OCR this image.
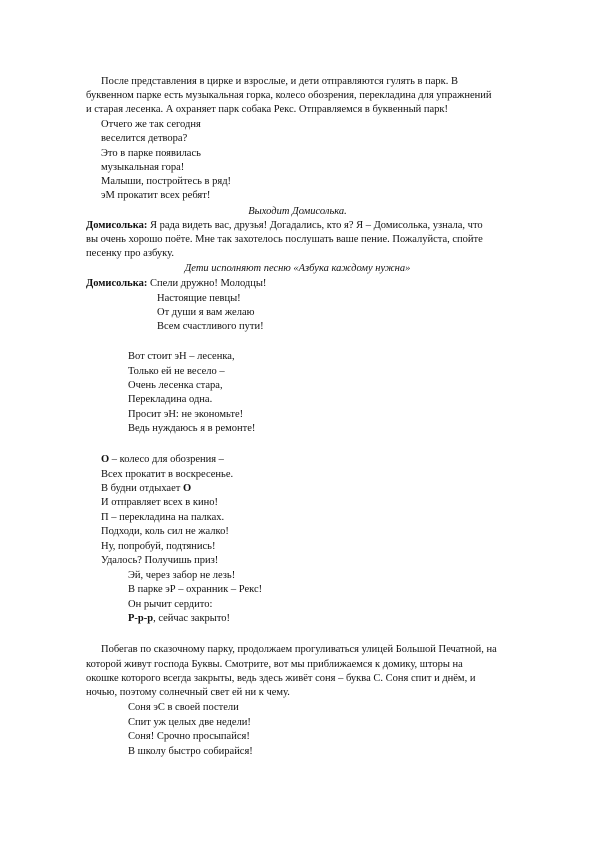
После представления в цирке и взрослые, и дети отправляются гулять в парк. В
буквенном парке есть музыкальная горка, колесо обозрения, перекладина для упражнений
и старая лесенка. А охраняет парк собака Рекс. Отправляемся в буквенный парк!
Отчего же так сегодня
веселится детвора?
Это в парке появилась
музыкальная гора!
Малыши, постройтесь в ряд!
эМ прокатит всех ребят!
Выходит Домисолька.
Домисолька: Я рада видеть вас, друзья! Догадались, кто я? Я – Домисолька, узнала, что
вы очень хорошо поёте. Мне так захотелось послушать ваше пение. Пожалуйста, спойте
песенку про азбуку.
Дети исполняют песню «Азбука каждому нужна»
Домисолька: Спели дружно! Молодцы!
Настоящие певцы!
От души я вам желаю
Всем счастливого пути!
Вот стоит эН – лесенка,
Только ей не весело –
Очень лесенка стара,
Перекладина одна.
Просит эН: не экономьте!
Ведь нуждаюсь я в ремонте!
О – колесо для обозрения –
Всех прокатит в воскресенье.
В будни отдыхает О
И отправляет всех в кино!
П – перекладина на палках.
Подходи, коль сил не жалко!
Ну, попробуй, подтянись!
Удалось? Получишь приз!
Эй, через забор не лезь!
В парке эР – охранник – Рекс!
Он рычит сердито:
Р-р-р, сейчас закрыто!
Побегав по сказочному парку, продолжаем прогуливаться улицей Большой Печатной, на
которой живут господа Буквы. Смотрите, вот мы приближаемся к домику, шторы на
окошке которого всегда закрыты, ведь здесь живёт соня – буква С. Соня спит и днём, и
ночью, поэтому солнечный свет ей ни к чему.
Соня эС в своей постели
Спит уж целых две недели!
Соня! Срочно просыпайся!
В школу быстро собирайся!
